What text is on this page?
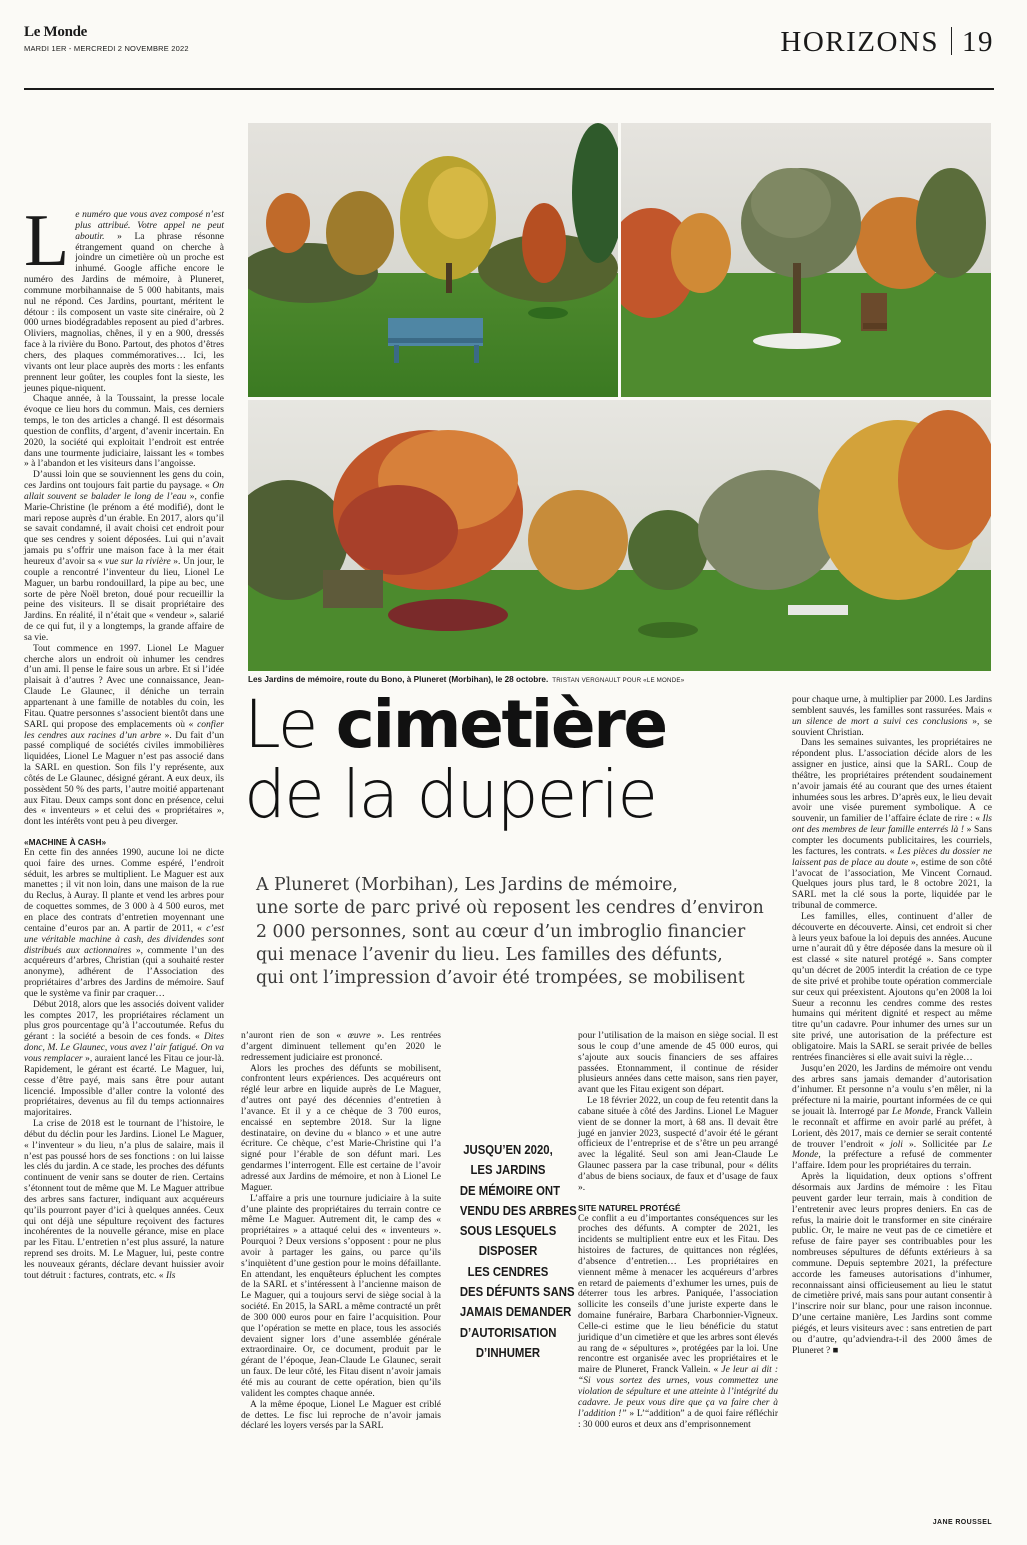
Le Monde
MARDI 1ER - MERCREDI 2 NOVEMBRE 2022	HORIZONS 19
Les Jardins de mémoire, route du Bono, à Pluneret (Morbihan), le 28 octobre. TRISTAN VERGNAULT POUR «LE MONDE»
Le cimetière
de la duperie
A Pluneret (Morbihan), Les Jardins de mémoire,
une sorte de parc privé où reposent les cendres d’environ
2 000 personnes, sont au cœur d’un imbroglio financier
qui menace l’avenir du lieu. Les familles des défunts,
qui ont l’impression d’avoir été trompées, se mobilisent
JUSQU’EN 2020,
LES JARDINS
DE MÉMOIRE ONT
VENDU DES ARBRES
SOUS LESQUELS
DISPOSER
LES CENDRES
DES DÉFUNTS SANS
JAMAIS DEMANDER
D’AUTORISATION
D’INHUMER

Le numéro que vous avez composé n’est plus attribué. Votre appel ne peut aboutir. » La phrase résonne étrangement quand on cherche à joindre un cimetière où un proche est inhumé. Google affiche encore le numéro des Jardins de mémoire, à Pluneret, commune morbihannaise de 5 000 habitants, mais nul ne répond. Ces Jardins, pourtant, méritent le détour : ils composent un vaste site cinéraire, où 2 000 urnes biodégradables reposent au pied d’arbres. Oliviers, magnolias, chênes, il y en a 900, dressés face à la rivière du Bono. Partout, des photos d’êtres chers, des plaques commémoratives… Ici, les vivants ont leur place auprès des morts : les enfants prennent leur goûter, les couples font la sieste, les jeunes pique-niquent.

Chaque année, à la Toussaint, la presse locale évoque ce lieu hors du commun. Mais, ces derniers temps, le ton des articles a changé. Il est désormais question de conflits, d’argent, d’avenir incertain. En 2020, la société qui exploitait l’endroit est entrée dans une tourmente judiciaire, laissant les « tombes » à l’abandon et les visiteurs dans l’angoisse.

D’aussi loin que se souviennent les gens du coin, ces Jardins ont toujours fait partie du paysage. « On allait souvent se balader le long de l’eau », confie Marie-Christine (le prénom a été modifié), dont le mari repose auprès d’un érable. En 2017, alors qu’il se savait condamné, il avait choisi cet endroit pour que ses cendres y soient déposées. Lui qui n’avait jamais pu s’offrir une maison face à la mer était heureux d’avoir sa « vue sur la rivière ». Un jour, le couple a rencontré l’inventeur du lieu, Lionel Le Maguer, un barbu rondouillard, la pipe au bec, une sorte de père Noël breton, doué pour recueillir la peine des visiteurs. Il se disait propriétaire des Jardins. En réalité, il n’était que « vendeur », salarié de ce qui fut, il y a longtemps, la grande affaire de sa vie.

Tout commence en 1997. Lionel Le Maguer cherche alors un endroit où inhumer les cendres d’un ami. Il pense le faire sous un arbre. Et si l’idée plaisait à d’autres ? Avec une connaissance, Jean-Claude Le Glaunec, il déniche un terrain appartenant à une famille de notables du coin, les Fitau. Quatre personnes s’associent bientôt dans une SARL qui propose des emplacements où « confier les cendres aux racines d’un arbre ». Du fait d’un passé compliqué de sociétés civiles immobilières liquidées, Lionel Le Maguer n’est pas associé dans la SARL en question. Son fils l’y représente, aux côtés de Le Glaunec, désigné gérant. A eux deux, ils possèdent 50 % des parts, l’autre moitié appartenant aux Fitau. Deux camps sont donc en présence, celui des « inventeurs » et celui des « propriétaires », dont les intérêts vont peu à peu diverger.

«MACHINE À CASH»

En cette fin des années 1990, aucune loi ne dicte quoi faire des urnes. Comme espéré, l’endroit séduit, les arbres se multiplient. Le Maguer est aux manettes ; il vit non loin, dans une maison de la rue du Reclus, à Auray. Il plante et vend les arbres pour de coquettes sommes, de 3 000 à 4 500 euros, met en place des contrats d’entretien moyennant une centaine d’euros par an. A partir de 2011, « c’est une véritable machine à cash, des dividendes sont distribués aux actionnaires », commente l’un des acquéreurs d’arbres, Christian (qui a souhaité rester anonyme), adhérent de l’Association des propriétaires d’arbres des Jardins de mémoire. Sauf que le système va finir par craquer…

Début 2018, alors que les associés doivent valider les comptes 2017, les propriétaires réclament un plus gros pourcentage qu’à l’accoutumée. Refus du gérant : la société a besoin de ces fonds. « Dites donc, M. Le Glaunec, vous avez l’air fatigué. On va vous remplacer », auraient lancé les Fitau ce jour-là. Rapidement, le gérant est écarté. Le Maguer, lui, cesse d’être payé, mais sans être pour autant licencié. Impossible d’aller contre la volonté des propriétaires, devenus au fil du temps actionnaires majoritaires.

La crise de 2018 est le tournant de l’histoire, le début du déclin pour les Jardins. Lionel Le Maguer, « l’inventeur » du lieu, n’a plus de salaire, mais il n’est pas poussé hors de ses fonctions : on lui laisse les clés du jardin. A ce stade, les proches des défunts continuent de venir sans se douter de rien. Certains s’étonnent tout de même que M. Le Maguer attribue des arbres sans facturer, indiquant aux acquéreurs qu’ils pourront payer d’ici à quelques années. Ceux qui ont déjà une sépulture reçoivent des factures incohérentes de la nouvelle gérance, mise en place par les Fitau. L’entretien n’est plus assuré, la nature reprend ses droits. M. Le Maguer, lui, peste contre les nouveaux gérants, déclare devant huissier avoir tout détruit : factures, contrats, etc. « Ils

n’auront rien de son « œuvre ». Les rentrées d’argent diminuent tellement qu’en 2020 le redressement judiciaire est prononcé.

Alors les proches des défunts se mobilisent, confrontent leurs expériences. Des acquéreurs ont réglé leur arbre en liquide auprès de Le Maguer, d’autres ont payé des décennies d’entretien à l’avance. Et il y a ce chèque de 3 700 euros, encaissé en septembre 2018. Sur la ligne destinataire, on devine du « blanco » et une autre écriture. Ce chèque, c’est Marie-Christine qui l’a signé pour l’érable de son défunt mari. Les gendarmes l’interrogent. Elle est certaine de l’avoir adressé aux Jardins de mémoire, et non à Lionel Le Maguer.

L’affaire a pris une tournure judiciaire à la suite d’une plainte des propriétaires du terrain contre ce même Le Maguer. Autrement dit, le camp des « propriétaires » a attaqué celui des « inventeurs ». Pourquoi ? Deux versions s’opposent : pour ne plus avoir à partager les gains, ou parce qu’ils s’inquiètent d’une gestion pour le moins défaillante. En attendant, les enquêteurs épluchent les comptes de la SARL et s’intéressent à l’ancienne maison de Le Maguer, qui a toujours servi de siège social à la société. En 2015, la SARL a même contracté un prêt de 300 000 euros pour en faire l’acquisition. Pour que l’opération se mette en place, tous les associés devaient signer lors d’une assemblée générale extraordinaire. Or, ce document, produit par le gérant de l’époque, Jean-Claude Le Glaunec, serait un faux. De leur côté, les Fitau disent n’avoir jamais été mis au courant de cette opération, bien qu’ils valident les comptes chaque année.

A la même époque, Lionel Le Maguer est criblé de dettes. Le fisc lui reproche de n’avoir jamais déclaré les loyers versés par la SARL

pour l’utilisation de la maison en siège social. Il est sous le coup d’une amende de 45 000 euros, qui s’ajoute aux soucis financiers de ses affaires passées. Etonnamment, il continue de résider plusieurs années dans cette maison, sans rien payer, avant que les Fitau exigent son départ.

Le 18 février 2022, un coup de feu retentit dans la cabane située à côté des Jardins. Lionel Le Maguer vient de se donner la mort, à 68 ans. Il devait être jugé en janvier 2023, suspecté d’avoir été le gérant officieux de l’entreprise et de s’être un peu arrangé avec la légalité. Seul son ami Jean-Claude Le Glaunec passera par la case tribunal, pour « délits d’abus de biens sociaux, de faux et d’usage de faux ».

SITE NATUREL PROTÉGÉ

Ce conflit a eu d’importantes conséquences sur les proches des défunts. A compter de 2021, les incidents se multiplient entre eux et les Fitau. Des histoires de factures, de quittances non réglées, d’absence d’entretien… Les propriétaires en viennent même à menacer les acquéreurs d’arbres en retard de paiements d’exhumer les urnes, puis de déterrer tous les arbres. Paniquée, l’association sollicite les conseils d’une juriste experte dans le domaine funéraire, Barbara Charbonnier-Vigneux. Celle-ci estime que le lieu bénéficie du statut juridique d’un cimetière et que les arbres sont élevés au rang de « sépultures », protégées par la loi. Une rencontre est organisée avec les propriétaires et le maire de Pluneret, Franck Vallein. « Je leur ai dit : “Si vous sortez des urnes, vous commettez une violation de sépulture et une atteinte à l’intégrité du cadavre. Je peux vous dire que ça va faire cher à l’addition !” » L’“addition” a de quoi faire réfléchir : 30 000 euros et deux ans d’emprisonnement

pour chaque urne, à multiplier par 2000. Les Jardins semblent sauvés, les familles sont rassurées. Mais « un silence de mort a suivi ces conclusions », se souvient Christian.

Dans les semaines suivantes, les propriétaires ne répondent plus. L’association décide alors de les assigner en justice, ainsi que la SARL. Coup de théâtre, les propriétaires prétendent soudainement n’avoir jamais été au courant que des urnes étaient inhumées sous les arbres. D’après eux, le lieu devait avoir une visée purement symbolique. A ce souvenir, un familier de l’affaire éclate de rire : « Ils ont des membres de leur famille enterrés là ! » Sans compter les documents publicitaires, les courriels, les factures, les contrats. « Les pièces du dossier ne laissent pas de place au doute », estime de son côté l’avocat de l’association, Me Vincent Cornaud. Quelques jours plus tard, le 8 octobre 2021, la SARL met la clé sous la porte, liquidée par le tribunal de commerce.

Les familles, elles, continuent d’aller de découverte en découverte. Ainsi, cet endroit si cher à leurs yeux bafoue la loi depuis des années. Aucune urne n’aurait dû y être déposée dans la mesure où il est classé « site naturel protégé ». Sans compter qu’un décret de 2005 interdit la création de ce type de site privé et prohibe toute opération commerciale sur ceux qui préexistent. Ajoutons qu’en 2008 la loi Sueur a reconnu les cendres comme des restes humains qui méritent dignité et respect au même titre qu’un cadavre. Pour inhumer des urnes sur un site privé, une autorisation de la préfecture est obligatoire. Mais la SARL se serait privée de belles rentrées financières si elle avait suivi la règle…

Jusqu’en 2020, les Jardins de mémoire ont vendu des arbres sans jamais demander d’autorisation d’inhumer. Et personne n’a voulu s’en mêler, ni la préfecture ni la mairie, pourtant informées de ce qui se jouait là. Interrogé par Le Monde, Franck Vallein le reconnaît et affirme en avoir parlé au préfet, à Lorient, dès 2017, mais ce dernier se serait contenté de trouver l’endroit « joli ». Sollicitée par Le Monde, la préfecture a refusé de commenter l’affaire. Idem pour les propriétaires du terrain.

Après la liquidation, deux options s’offrent désormais aux Jardins de mémoire : les Fitau peuvent garder leur terrain, mais à condition de l’entretenir avec leurs propres deniers. En cas de refus, la mairie doit le transformer en site cinéraire public. Or, le maire ne veut pas de ce cimetière et refuse de faire payer ses contribuables pour les nombreuses sépultures de défunts extérieurs à sa commune. Depuis septembre 2021, la préfecture accorde les fameuses autorisations d’inhumer, reconnaissant ainsi officieusement au lieu le statut de cimetière privé, mais sans pour autant consentir à l’inscrire noir sur blanc, pour une raison inconnue. D’une certaine manière, Les Jardins sont comme piégés, et leurs visiteurs avec : sans entretien de part ou d’autre, qu’adviendra-t-il des 2000 âmes de Pluneret ? ■

JANE ROUSSEL
